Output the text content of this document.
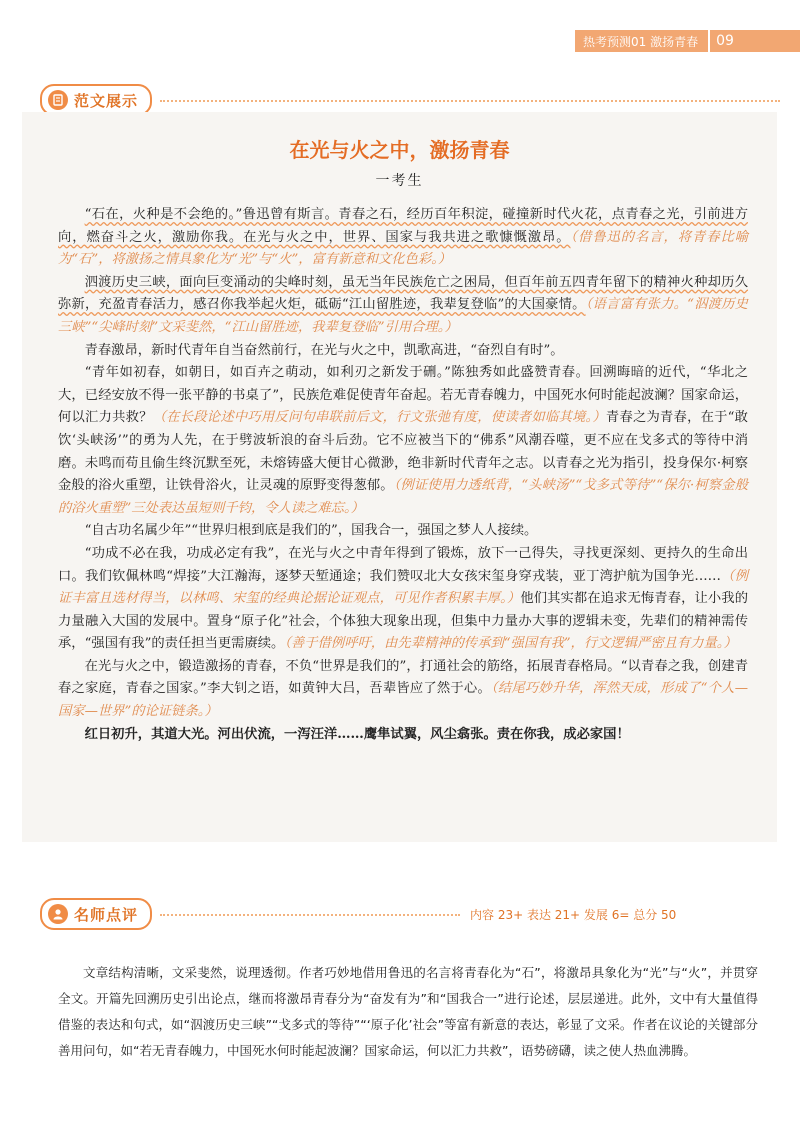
热考预测01 激扬青春	09
范文展示
在光与火之中，激扬青春
一考生

“石在，火种是不会绝的。”鲁迅曾有斯言。青春之石，经历百年积淀，碰撞新时代火花，点青春之光，引前进方向，燃奋斗之火，激励你我。在光与火之中，世界、国家与我共进之歌慷慨激昂。（借鲁迅的名言，将青春比喻为“石”，将激扬之情具象化为“光”与“火”，富有新意和文化色彩。）

泗渡历史三峡，面向巨变涌动的尖峰时刻，虽无当年民族危亡之困局，但百年前五四青年留下的精神火种却历久弥新，充盈青春活力，感召你我举起火炬，砥砺“江山留胜迹，我辈复登临”的大国豪情。（语言富有张力。“泅渡历史三峡”“尖峰时刻”文采斐然，“江山留胜迹，我辈复登临”引用合理。）

青春激昂，新时代青年自当奋然前行，在光与火之中，凯歌高进，“奋烈自有时”。

“青年如初春，如朝日，如百卉之萌动，如利刃之新发于硎。”陈独秀如此盛赞青春。回溯晦暗的近代，“华北之大，已经安放不得一张平静的书桌了”，民族危难促使青年奋起。若无青春魄力，中国死水何时能起波澜？国家命运，何以汇力共救？（在长段论述中巧用反问句串联前后文，行文张弛有度，使读者如临其境。）青春之为青春，在于“敢饮‘头峡汤’”的勇为人先，在于劈波斩浪的奋斗后劲。它不应被当下的“佛系”风潮吞噬，更不应在戈多式的等待中消磨。未鸣而苟且偷生终沉默至死，未熔铸盛大便甘心微渺，绝非新时代青年之志。以青春之光为指引，投身保尔·柯察金般的浴火重塑，让铁骨浴火，让灵魂的原野变得葱郁。（例证使用力透纸背，“头峡汤”“戈多式等待”“保尔·柯察金般的浴火重塑”三处表达虽短则千钧，令人读之难忘。）

“自古功名属少年”“世界归根到底是我们的”，国我合一，强国之梦人人接续。

“功成不必在我，功成必定有我”，在光与火之中青年得到了锻炼，放下一己得失，寻找更深刻、更持久的生命出口。我们钦佩林鸣“焊接”大江瀚海，逐梦天堑通途；我们赞叹北大女孩宋玺身穿戎装，亚丁湾护航为国争光……（例证丰富且选材得当，以林鸣、宋玺的经典论据论证观点，可见作者积累丰厚。）他们其实都在追求无悔青春，让小我的力量融入大国的发展中。置身“原子化”社会，个体独大现象出现，但集中力量办大事的逻辑未变，先辈们的精神需传承，“强国有我”的责任担当更需赓续。（善于借例呼吁，由先辈精神的传承到“强国有我”，行文逻辑严密且有力量。）

在光与火之中，锻造激扬的青春，不负“世界是我们的”，打通社会的筋络，拓展青春格局。“以青春之我，创建青春之家庭，青春之国家。”李大钊之语，如黄钟大吕，吾辈皆应了然于心。（结尾巧妙升华，浑然天成，形成了“个人—国家—世界”的论证链条。）

红日初升，其道大光。河出伏流，一泻汪洋……鹰隼试翼，风尘翕张。责在你我，成必家国！

名师点评	内容 23+ 表达 21+ 发展 6= 总分 50
文章结构清晰，文采斐然，说理透彻。作者巧妙地借用鲁迅的名言将青春化为“石”，将激昂具象化为“光”与“火”，并贯穿全文。开篇先回溯历史引出论点，继而将激昂青春分为“奋发有为”和“国我合一”进行论述，层层递进。此外，文中有大量值得借鉴的表达和句式，如“泅渡历史三峡”“戈多式的等待”“‘原子化’社会”等富有新意的表达，彰显了文采。作者在议论的关键部分善用问句，如“若无青春魄力，中国死水何时能起波澜？国家命运，何以汇力共救”，语势磅礴，读之使人热血沸腾。
